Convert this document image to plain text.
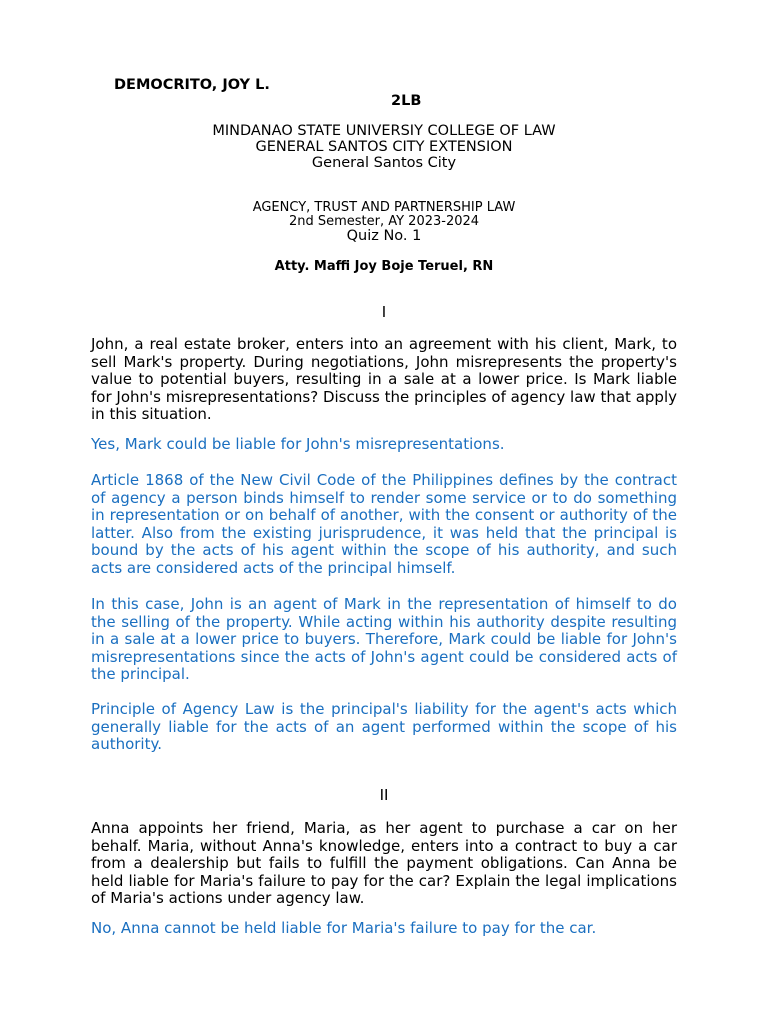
DEMOCRITO, JOY L.
2LB
MINDANAO STATE UNIVERSIY COLLEGE OF LAW
GENERAL SANTOS CITY EXTENSION
General Santos City
AGENCY, TRUST AND PARTNERSHIP LAW
2nd Semester, AY 2023-2024
Quiz No. 1
Atty. Maffi Joy Boje Teruel, RN
I
John, a real estate broker, enters into an agreement with his client, Mark, to sell Mark's property. During negotiations, John misrepresents the property's value to potential buyers, resulting in a sale at a lower price. Is Mark liable for John's misrepresentations? Discuss the principles of agency law that apply in this situation.
Yes, Mark could be liable for John's misrepresentations.
Article 1868 of the New Civil Code of the Philippines defines by the contract of agency a person binds himself to render some service or to do something in representation or on behalf of another, with the consent or authority of the latter. Also from the existing jurisprudence, it was held that the principal is bound by the acts of his agent within the scope of his authority, and such acts are considered acts of the principal himself.
In this case, John is an agent of Mark in the representation of himself to do the selling of the property. While acting within his authority despite resulting in a sale at a lower price to buyers. Therefore, Mark could be liable for John's misrepresentations since the acts of John's agent could be considered acts of the principal.
Principle of Agency Law is the principal's liability for the agent's acts which generally liable for the acts of an agent performed within the scope of his authority.
II
Anna appoints her friend, Maria, as her agent to purchase a car on her behalf. Maria, without Anna's knowledge, enters into a contract to buy a car from a dealership but fails to fulfill the payment obligations. Can Anna be held liable for Maria's failure to pay for the car? Explain the legal implications of Maria's actions under agency law.
No, Anna cannot be held liable for Maria's failure to pay for the car.
